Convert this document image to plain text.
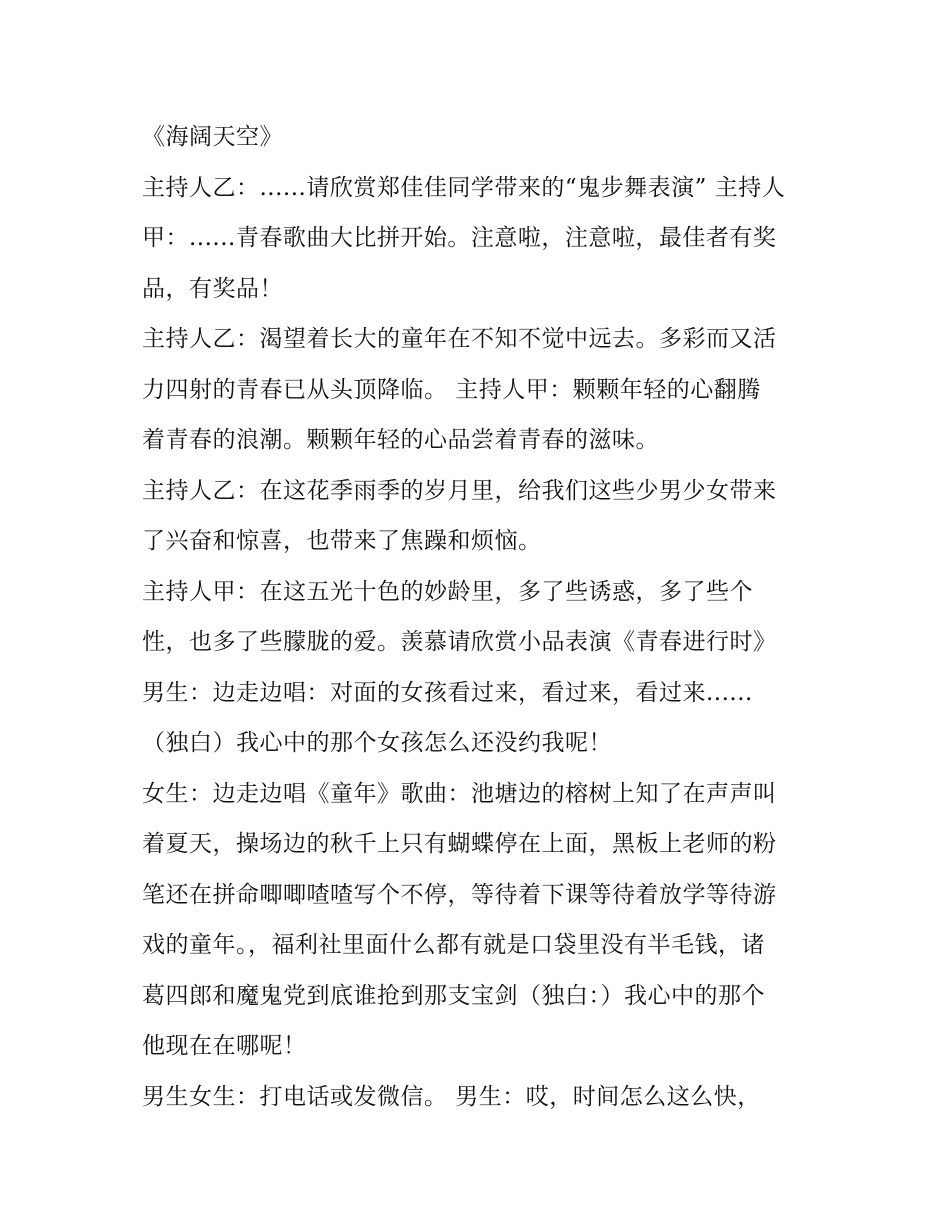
《海阔天空》
主持人乙：......请欣赏郑佳佳同学带来的“鬼步舞表演” 主持人
甲：......青春歌曲大比拼开始。注意啦，注意啦，最佳者有奖
品，有奖品！
主持人乙：渴望着长大的童年在不知不觉中远去。多彩而又活
力四射的青春已从头顶降临。 主持人甲：颗颗年轻的心翻腾
着青春的浪潮。颗颗年轻的心品尝着青春的滋味。
主持人乙：在这花季雨季的岁月里，给我们这些少男少女带来
了兴奋和惊喜，也带来了焦躁和烦恼。
主持人甲：在这五光十色的妙龄里，多了些诱惑，多了些个
性，也多了些朦胧的爱。羡慕请欣赏小品表演《青春进行时》
男生：边走边唱：对面的女孩看过来，看过来，看过来......
（独白）我心中的那个女孩怎么还没约我呢！
女生：边走边唱《童年》歌曲：池塘边的榕树上知了在声声叫
着夏天，操场边的秋千上只有蝴蝶停在上面，黑板上老师的粉
笔还在拼命唧唧喳喳写个不停，等待着下课等待着放学等待游
戏的童年。，福利社里面什么都有就是口袋里没有半毛钱，诸
葛四郎和魔鬼党到底谁抢到那支宝剑（独白：）我心中的那个
他现在在哪呢！
男生女生：打电话或发微信。 男生：哎，时间怎么这么快，
